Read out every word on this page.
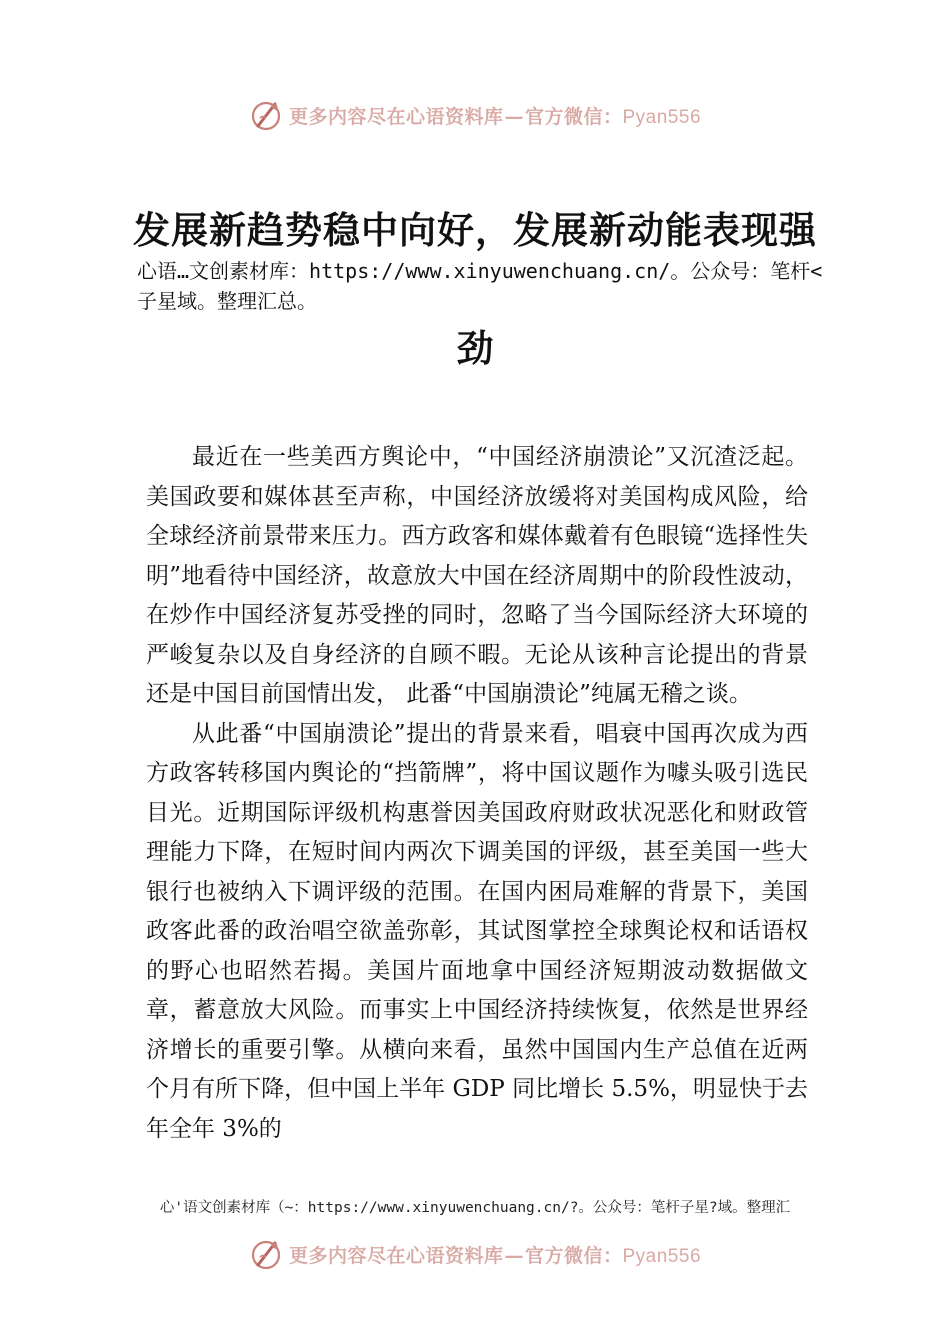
更多内容尽在心语资料库—官方微信：Pyan556
发展新趋势稳中向好，发展新动能表现强
心语…文创素材库：https://www.xinyuwenchuang.cn/。公众号：笔杆<子星域。整理汇总。
劲

最近在一些美西方舆论中，“中国经济崩溃论”又沉渣泛起。美国政要和媒体甚至声称，中国经济放缓将对美国构成风险，给全球经济前景带来压力。西方政客和媒体戴着有色眼镜“选择性失明”地看待中国经济，故意放大中国在经济周期中的阶段性波动，在炒作中国经济复苏受挫的同时，忽略了当今国际经济大环境的严峻复杂以及自身经济的自顾不暇。无论从该种言论提出的背景还是中国目前国情出发， 此番“中国崩溃论”纯属无稽之谈。

从此番“中国崩溃论”提出的背景来看，唱衰中国再次成为西方政客转移国内舆论的“挡箭牌”，将中国议题作为噱头吸引选民目光。近期国际评级机构惠誉因美国政府财政状况恶化和财政管理能力下降，在短时间内两次下调美国的评级，甚至美国一些大银行也被纳入下调评级的范围。在国内困局难解的背景下，美国政客此番的政治唱空欲盖弥彰，其试图掌控全球舆论权和话语权的野心也昭然若揭。美国片面地拿中国经济短期波动数据做文章，蓄意放大风险。而事实上中国经济持续恢复，依然是世界经济增长的重要引擎。从横向来看，虽然中国国内生产总值在近两个月有所下降，但中国上半年 GDP 同比增长 5.5%，明显快于去年全年 3%的

心'语文创素材库（~：https://www.xinyuwenchuang.cn/?。公众号：笔杆子星?域。整理汇
更多内容尽在心语资料库—官方微信：Pyan556
